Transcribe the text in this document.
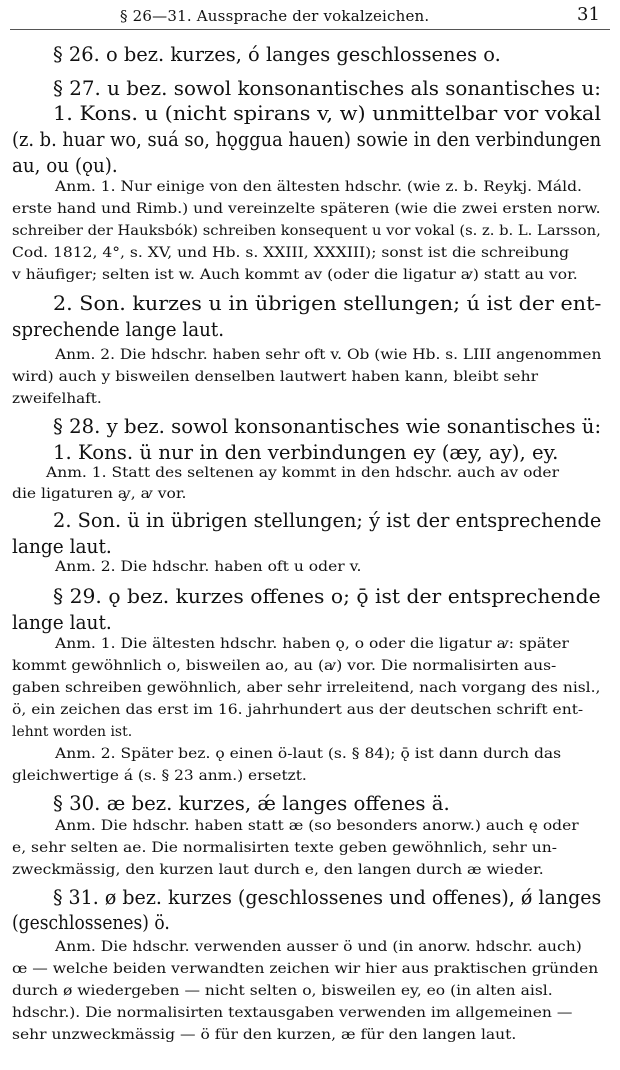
§ 26—31. Aussprache der vokalzeichen.	31
§ 26. o bez. kurzes, ó langes geschlossenes o.
§ 27. u bez. sowol konsonantisches als sonantisches u:
1. Kons. u (nicht spirans v, w) unmittelbar vor vokal
(z. b. huar wo, suá so, hǫggua hauen) sowie in den verbindungen
au, ou (ǫu).
Anm. 1. Nur einige von den ältesten hdschr. (wie z. b. Reykj. Máld.
erste hand und Rimb.) und vereinzelte späteren (wie die zwei ersten norw.
schreiber der Hauksbók) schreiben konsequent u vor vokal (s. z. b. L. Larsson,
Cod. 1812, 4°, s. XV, und Hb. s. XXIII, XXXIII); sonst ist die schreibung
v häufiger; selten ist w. Auch kommt av (oder die ligatur ꜹ) statt au vor.
2. Son. kurzes u in übrigen stellungen; ú ist der ent-
sprechende lange laut.
Anm. 2. Die hdschr. haben sehr oft v. Ob (wie Hb. s. LIII angenommen
wird) auch y bisweilen denselben lautwert haben kann, bleibt sehr
zweifelhaft.
§ 28. y bez. sowol konsonantisches wie sonantisches ü:
1. Kons. ü nur in den verbindungen ey (æy, ay), ey.
Anm. 1. Statt des seltenen ay kommt in den hdschr. auch av oder
die ligaturen ꜽ, ꜹ vor.
2. Son. ü in übrigen stellungen; ý ist der entsprechende
lange laut.
Anm. 2. Die hdschr. haben oft u oder v.
§ 29. ǫ bez. kurzes offenes o; ǭ ist der entsprechende
lange laut.
Anm. 1. Die ältesten hdschr. haben ǫ, o oder die ligatur ꜹ: später
kommt gewöhnlich o, bisweilen ao, au (ꜹ) vor. Die normalisirten aus-
gaben schreiben gewöhnlich, aber sehr irreleitend, nach vorgang des nisl.,
ö, ein zeichen das erst im 16. jahrhundert aus der deutschen schrift ent-
lehnt worden ist.
Anm. 2. Später bez. ǫ einen ö-laut (s. § 84); ǭ ist dann durch das
gleichwertige á (s. § 23 anm.) ersetzt.
§ 30. æ bez. kurzes, ǽ langes offenes ä.
Anm. Die hdschr. haben statt æ (so besonders anorw.) auch ę oder
e, sehr selten ae. Die normalisirten texte geben gewöhnlich, sehr un-
zweckmässig, den kurzen laut durch e, den langen durch æ wieder.
§ 31. ø bez. kurzes (geschlossenes und offenes), ǿ langes
(geschlossenes) ö.
Anm. Die hdschr. verwenden ausser ö und (in anorw. hdschr. auch)
œ — welche beiden verwandten zeichen wir hier aus praktischen gründen
durch ø wiedergeben — nicht selten o, bisweilen ey, eo (in alten aisl.
hdschr.). Die normalisirten textausgaben verwenden im allgemeinen —
sehr unzweckmässig — ö für den kurzen, æ für den langen laut.
